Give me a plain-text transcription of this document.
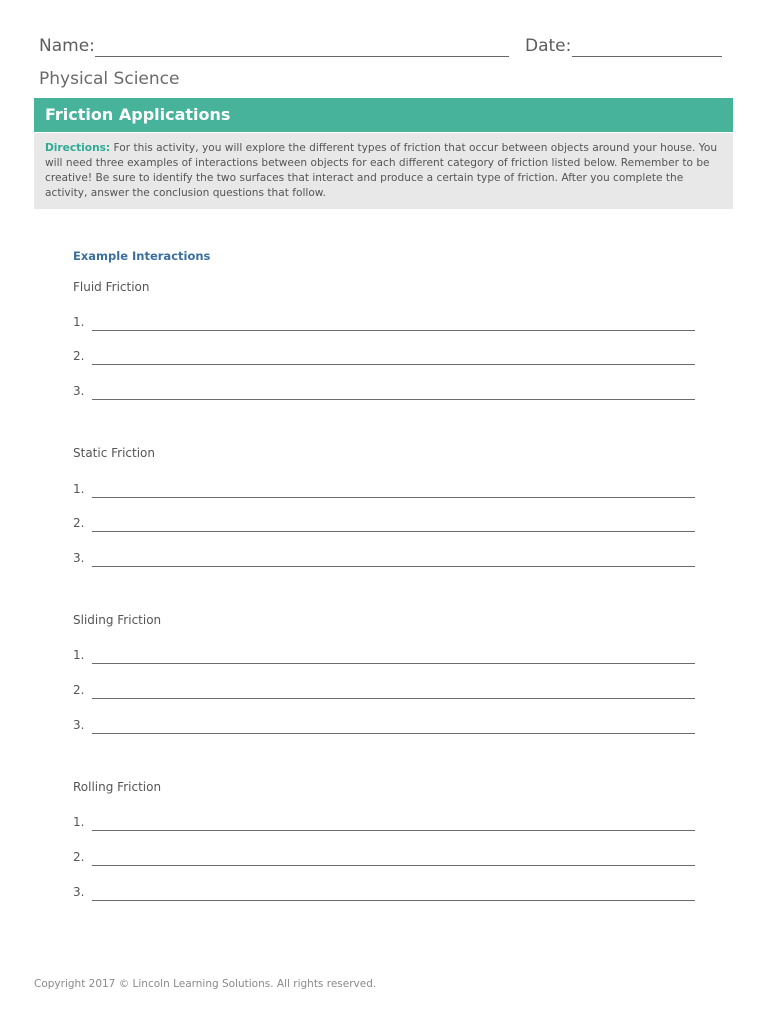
Name:	Date:
Physical Science
Friction Applications
Directions: For this activity, you will explore the different types of friction that occur between objects around your house. You will need three examples of interactions between objects for each different category of friction listed below. Remember to be creative! Be sure to identify the two surfaces that interact and produce a certain type of friction. After you complete the activity, answer the conclusion questions that follow.
Example Interactions
Fluid Friction
1.
2.
3.
Static Friction
1.
2.
3.
Sliding Friction
1.
2.
3.
Rolling Friction
1.
2.
3.
Copyright 2017 © Lincoln Learning Solutions. All rights reserved.
